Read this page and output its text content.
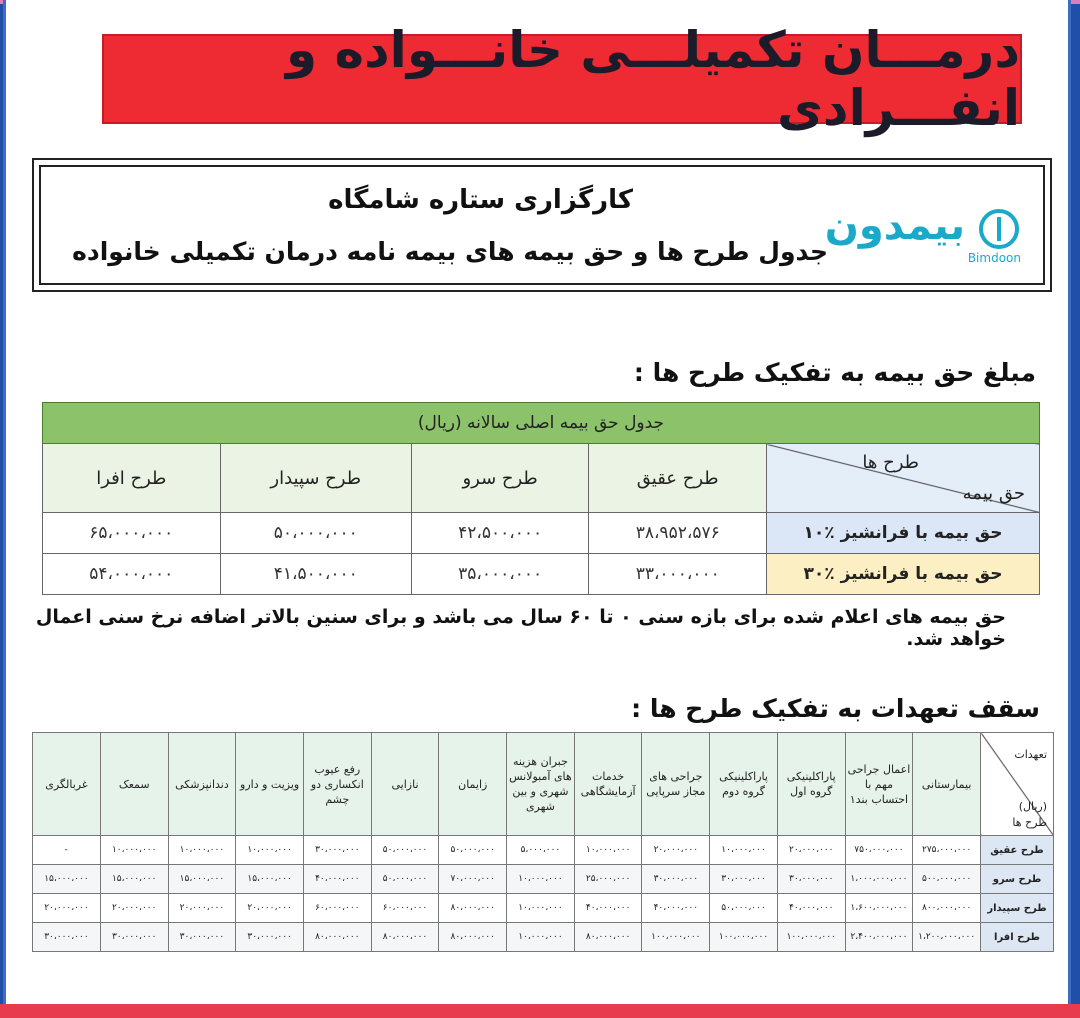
درمـــان تکمیلـــی خانـــواده و انفـــرادی
کارگزاری ستاره شامگاه
جدول طرح ها و حق بیمه های بیمه نامه درمان تکمیلی خانواده
بیمدون
Bimdoon
مبلغ حق بیمه به تفکیک طرح ها :
جدول حق بیمه اصلی سالانه (ریال)				

طرح ها
حق بیمه	طرح عقیق	طرح سرو	طرح سپیدار	طرح افرا
حق بیمه با فرانشیز ٪۱۰	۳۸،۹۵۲،۵۷۶	۴۲،۵۰۰،۰۰۰	۵۰،۰۰۰،۰۰۰	۶۵،۰۰۰،۰۰۰
حق بیمه با فرانشیز ٪۳۰	۳۳،۰۰۰،۰۰۰	۳۵،۰۰۰،۰۰۰	۴۱،۵۰۰،۰۰۰	۵۴،۰۰۰،۰۰۰
حق بیمه های اعلام شده برای بازه سنی ۰ تا ۶۰ سال می باشد و برای سنین بالاتر اضافه نرخ سنی اعمال خواهد شد.
سقف تعهدات به تفکیک طرح ها :
تعهدات
(ریال)
طرح ها	بیمارستانی	اعمال جراحی مهم با احتساب بند۱	پاراکلینیکی گروه اول	پاراکلینیکی گروه دوم	جراحی های مجاز سرپایی	خدمات آزمایشگاهی	جبران هزینه های آمبولانس شهری و بین شهری	زایمان	نازایی	رفع عیوب انکساری دو چشم	ویزیت و دارو	دندانپزشکی	سمعک	غربالگری
طرح عقیق	۲۷۵،۰۰۰،۰۰۰	۷۵۰،۰۰۰،۰۰۰	۲۰،۰۰۰،۰۰۰	۱۰،۰۰۰،۰۰۰	۲۰،۰۰۰،۰۰۰	۱۰،۰۰۰،۰۰۰	۵،۰۰۰،۰۰۰	۵۰،۰۰۰،۰۰۰	۵۰،۰۰۰،۰۰۰	۳۰،۰۰۰،۰۰۰	۱۰،۰۰۰،۰۰۰	۱۰،۰۰۰،۰۰۰	۱۰،۰۰۰،۰۰۰	-
طرح سرو	۵۰۰،۰۰۰،۰۰۰	۱،۰۰۰،۰۰۰،۰۰۰	۳۰،۰۰۰،۰۰۰	۳۰،۰۰۰،۰۰۰	۳۰،۰۰۰،۰۰۰	۲۵،۰۰۰،۰۰۰	۱۰،۰۰۰،۰۰۰	۷۰،۰۰۰،۰۰۰	۵۰،۰۰۰،۰۰۰	۴۰،۰۰۰،۰۰۰	۱۵،۰۰۰،۰۰۰	۱۵،۰۰۰،۰۰۰	۱۵،۰۰۰،۰۰۰	۱۵،۰۰۰،۰۰۰
طرح سپیدار	۸۰۰،۰۰۰،۰۰۰	۱،۶۰۰،۰۰۰،۰۰۰	۴۰،۰۰۰،۰۰۰	۵۰،۰۰۰،۰۰۰	۴۰،۰۰۰،۰۰۰	۴۰،۰۰۰،۰۰۰	۱۰،۰۰۰،۰۰۰	۸۰،۰۰۰،۰۰۰	۶۰،۰۰۰،۰۰۰	۶۰،۰۰۰،۰۰۰	۲۰،۰۰۰،۰۰۰	۲۰،۰۰۰،۰۰۰	۲۰،۰۰۰،۰۰۰	۲۰،۰۰۰،۰۰۰
طرح افرا	۱،۲۰۰،۰۰۰،۰۰۰	۲،۴۰۰،۰۰۰،۰۰۰	۱۰۰،۰۰۰،۰۰۰	۱۰۰،۰۰۰،۰۰۰	۱۰۰،۰۰۰،۰۰۰	۸۰،۰۰۰،۰۰۰	۱۰،۰۰۰،۰۰۰	۸۰،۰۰۰،۰۰۰	۸۰،۰۰۰،۰۰۰	۸۰،۰۰۰،۰۰۰	۳۰،۰۰۰،۰۰۰	۳۰،۰۰۰،۰۰۰	۳۰،۰۰۰،۰۰۰	۳۰،۰۰۰،۰۰۰
